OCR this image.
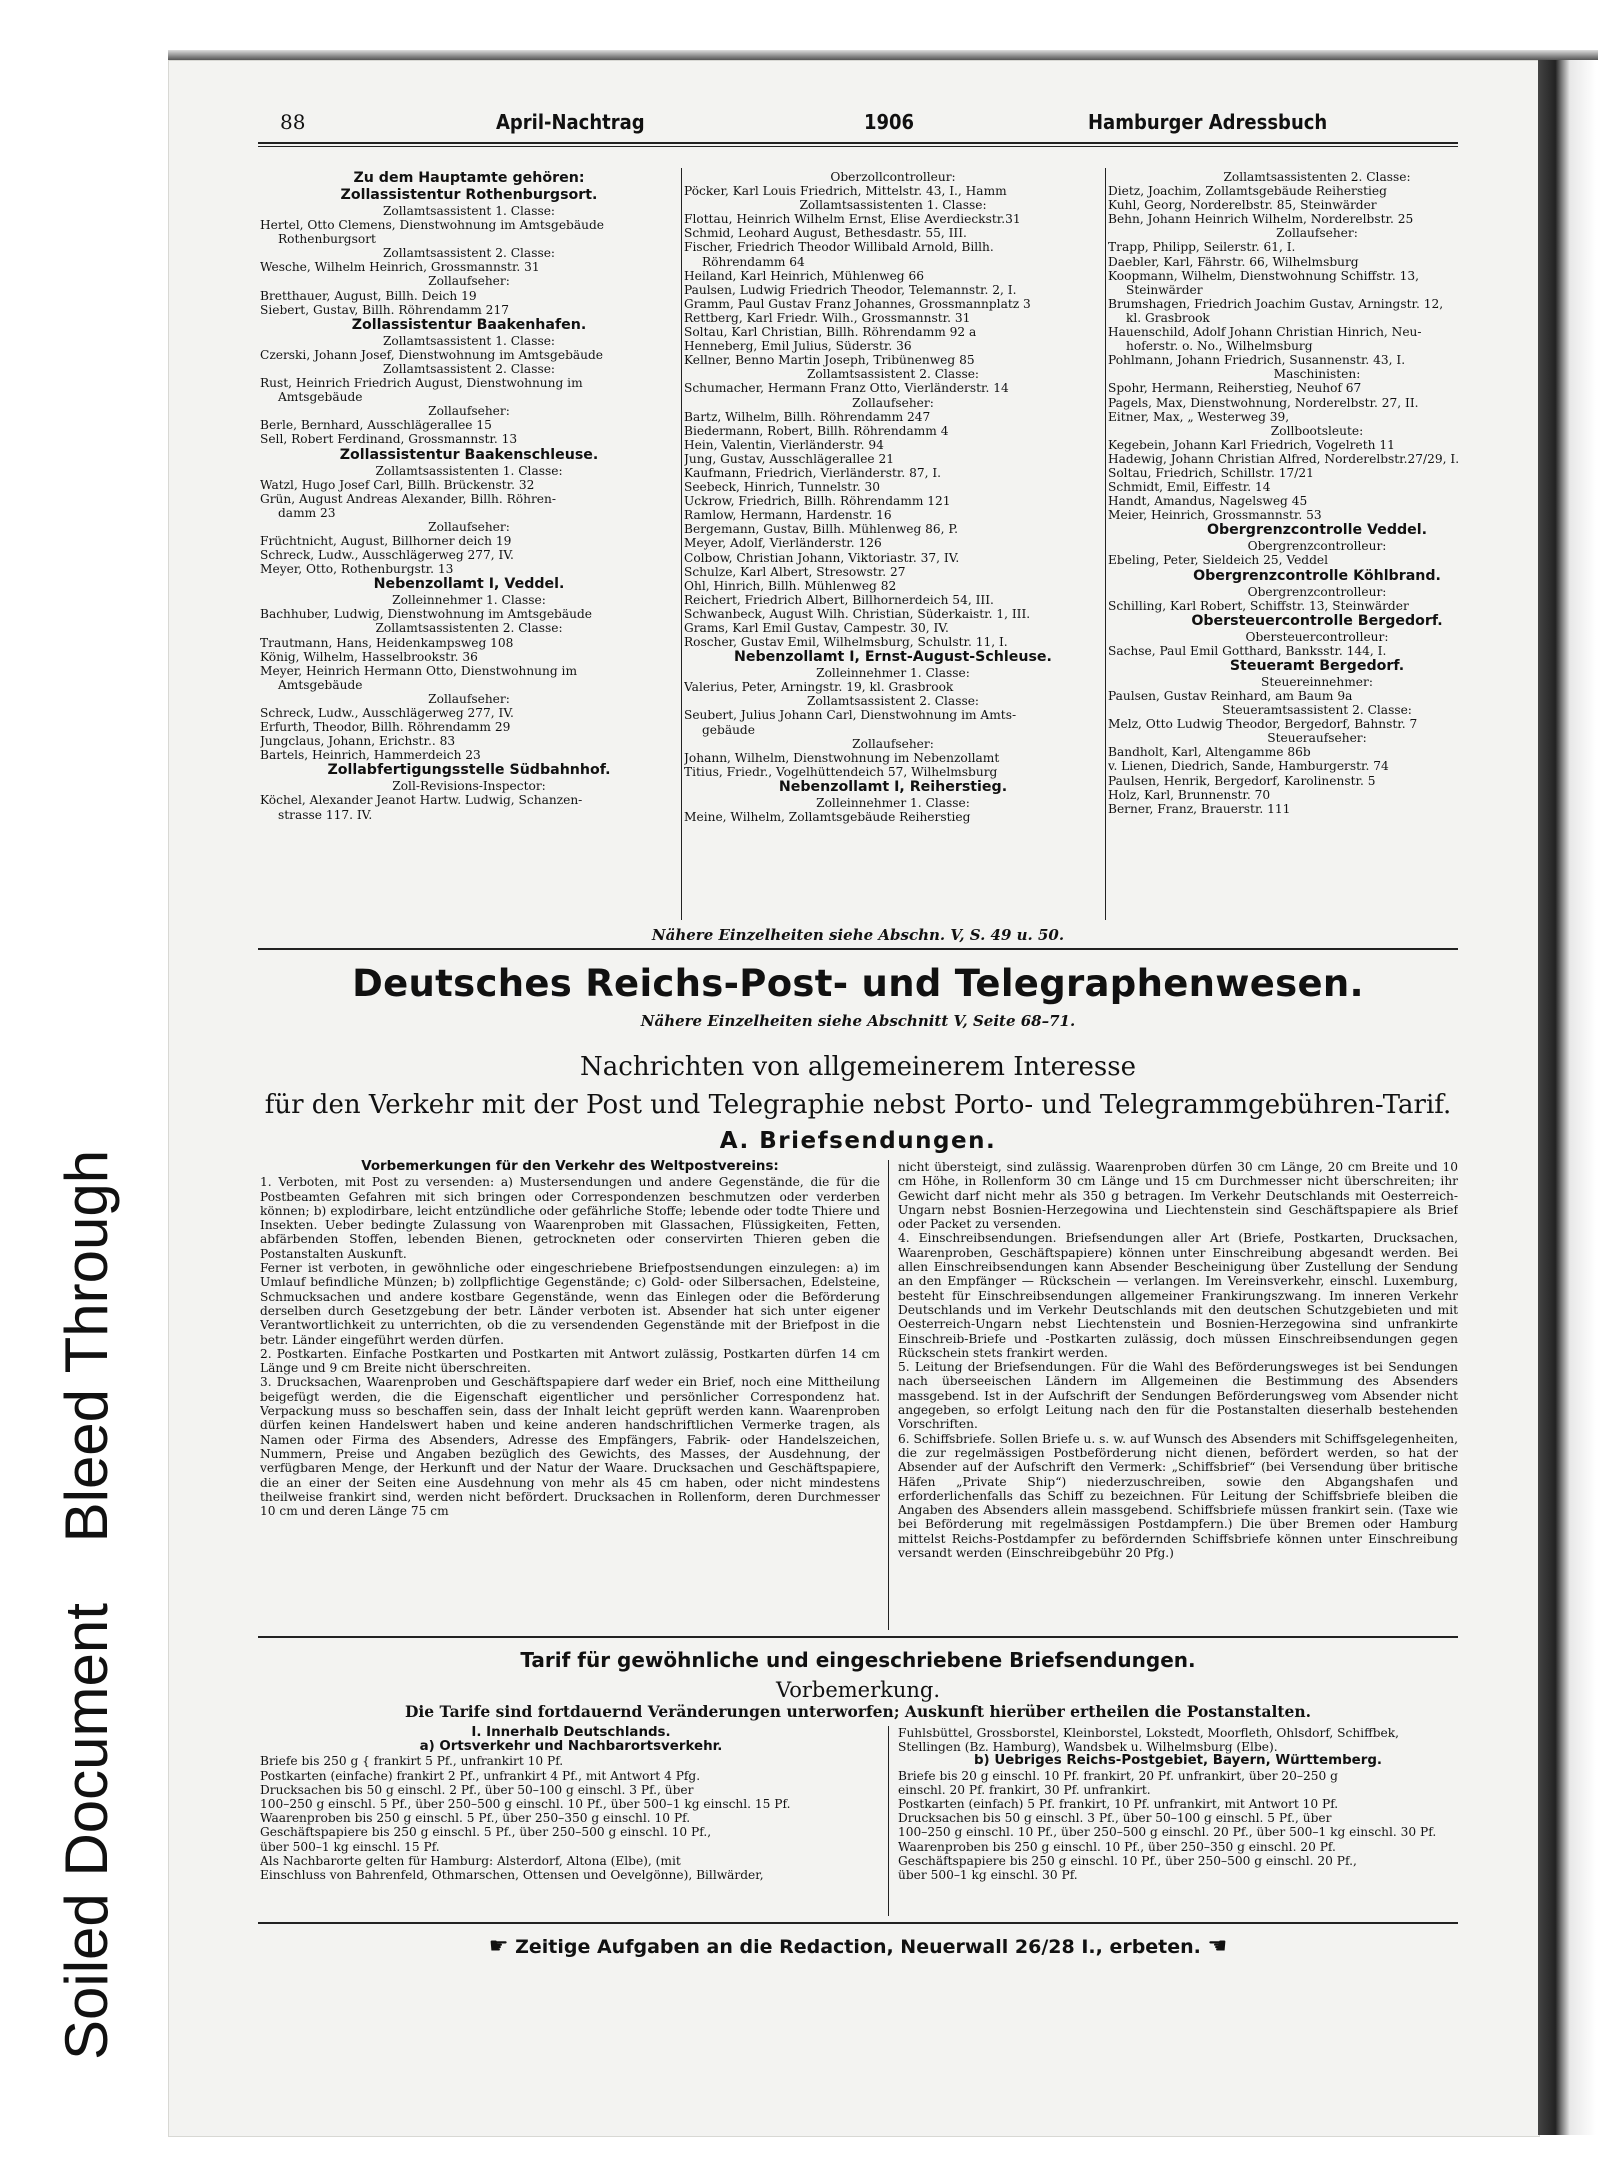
Soiled Document Bleed Through
88	April-Nachtrag	1906	Hamburger Adressbuch
Zu dem Hauptamte gehören:
Zollassistentur Rothenburgsort.
Zollamtsassistent 1. Classe:
Hertel, Otto Clemens, Dienstwohnung im Amtsgebäude
Rothenburgsort
Zollamtsassistent 2. Classe:
Wesche, Wilhelm Heinrich, Grossmannstr. 31
Zollaufseher:
Bretthauer, August, Billh. Deich 19
Siebert, Gustav, Billh. Röhrendamm 217
Zollassistentur Baakenhafen.
Zollamtsassistent 1. Classe:
Czerski, Johann Josef, Dienstwohnung im Amtsgebäude
Zollamtsassistent 2. Classe:
Rust, Heinrich Friedrich August, Dienstwohnung im
Amtsgebäude
Zollaufseher:
Berle, Bernhard, Ausschlägerallee 15
Sell, Robert Ferdinand, Grossmannstr. 13
Zollassistentur Baakenschleuse.
Zollamtsassistenten 1. Classe:
Watzl, Hugo Josef Carl, Billh. Brückenstr. 32
Grün, August Andreas Alexander, Billh. Röhren-
damm 23
Zollaufseher:
Früchtnicht, August, Billhorner deich 19
Schreck, Ludw., Ausschlägerweg 277, IV.
Meyer, Otto, Rothenburgstr. 13
Nebenzollamt I, Veddel.
Zolleinnehmer 1. Classe:
Bachhuber, Ludwig, Dienstwohnung im Amtsgebäude
Zollamtsassistenten 2. Classe:
Trautmann, Hans, Heidenkampsweg 108
König, Wilhelm, Hasselbrookstr. 36
Meyer, Heinrich Hermann Otto, Dienstwohnung im
Amtsgebäude
Zollaufseher:
Schreck, Ludw., Ausschlägerweg 277, IV.
Erfurth, Theodor, Billh. Röhrendamm 29
Jungclaus, Johann, Erichstr.. 83
Bartels, Heinrich, Hammerdeich 23
Zollabfertigungsstelle Südbahnhof.
Zoll-Revisions-Inspector:
Köchel, Alexander Jeanot Hartw. Ludwig, Schanzen-
strasse 117. IV.
Oberzollcontrolleur:
Pöcker, Karl Louis Friedrich, Mittelstr. 43, I., Hamm
Zollamtsassistenten 1. Classe:
Flottau, Heinrich Wilhelm Ernst, Elise Averdieckstr.31
Schmid, Leohard August, Bethesdastr. 55, III.
Fischer, Friedrich Theodor Willibald Arnold, Billh.
Röhrendamm 64
Heiland, Karl Heinrich, Mühlenweg 66
Paulsen, Ludwig Friedrich Theodor, Telemannstr. 2, I.
Gramm, Paul Gustav Franz Johannes, Grossmannplatz 3
Rettberg, Karl Friedr. Wilh., Grossmannstr. 31
Soltau, Karl Christian, Billh. Röhrendamm 92 a
Henneberg, Emil Julius, Süderstr. 36
Kellner, Benno Martin Joseph, Tribünenweg 85
Zollamtsassistent 2. Classe:
Schumacher, Hermann Franz Otto, Vierländerstr. 14
Zollaufseher:
Bartz, Wilhelm, Billh. Röhrendamm 247
Biedermann, Robert, Billh. Röhrendamm 4
Hein, Valentin, Vierländerstr. 94
Jung, Gustav, Ausschlägerallee 21
Kaufmann, Friedrich, Vierländerstr. 87, I.
Seebeck, Hinrich, Tunnelstr. 30
Uckrow, Friedrich, Billh. Röhrendamm 121
Ramlow, Hermann, Hardenstr. 16
Bergemann, Gustav, Billh. Mühlenweg 86, P.
Meyer, Adolf, Vierländerstr. 126
Colbow, Christian Johann, Viktoriastr. 37, IV.
Schulze, Karl Albert, Stresowstr. 27
Ohl, Hinrich, Billh. Mühlenweg 82
Reichert, Friedrich Albert, Billhornerdeich 54, III.
Schwanbeck, August Wilh. Christian, Süderkaistr. 1, III.
Grams, Karl Emil Gustav, Campestr. 30, IV.
Roscher, Gustav Emil, Wilhelmsburg, Schulstr. 11, I.
Nebenzollamt I, Ernst-August-Schleuse.
Zolleinnehmer 1. Classe:
Valerius, Peter, Arningstr. 19, kl. Grasbrook
Zollamtsassistent 2. Classe:
Seubert, Julius Johann Carl, Dienstwohnung im Amts-
gebäude
Zollaufseher:
Johann, Wilhelm, Dienstwohnung im Nebenzollamt
Titius, Friedr., Vogelhüttendeich 57, Wilhelmsburg
Nebenzollamt I, Reiherstieg.
Zolleinnehmer 1. Classe:
Meine, Wilhelm, Zollamtsgebäude Reiherstieg
Zollamtsassistenten 2. Classe:
Dietz, Joachim, Zollamtsgebäude Reiherstieg
Kuhl, Georg, Norderelbstr. 85, Steinwärder
Behn, Johann Heinrich Wilhelm, Norderelbstr. 25
Zollaufseher:
Trapp, Philipp, Seilerstr. 61, I.
Daebler, Karl, Fährstr. 66, Wilhelmsburg
Koopmann, Wilhelm, Dienstwohnung Schiffstr. 13,
Steinwärder
Brumshagen, Friedrich Joachim Gustav, Arningstr. 12,
kl. Grasbrook
Hauenschild, Adolf Johann Christian Hinrich, Neu-
hoferstr. o. No., Wilhelmsburg
Pohlmann, Johann Friedrich, Susannenstr. 43, I.
Maschinisten:
Spohr, Hermann, Reiherstieg, Neuhof 67
Pagels, Max, Dienstwohnung, Norderelbstr. 27, II.
Eitner, Max, „ Westerweg 39,
Zollbootsleute:
Kegebein, Johann Karl Friedrich, Vogelreth 11
Hadewig, Johann Christian Alfred, Norderelbstr.27/29, I.
Soltau, Friedrich, Schillstr. 17/21
Schmidt, Emil, Eiffestr. 14
Handt, Amandus, Nagelsweg 45
Meier, Heinrich, Grossmannstr. 53
Obergrenzcontrolle Veddel.
Obergrenzcontrolleur:
Ebeling, Peter, Sieldeich 25, Veddel
Obergrenzcontrolle Köhlbrand.
Obergrenzcontrolleur:
Schilling, Karl Robert, Schiffstr. 13, Steinwärder
Obersteuercontrolle Bergedorf.
Obersteuercontrolleur:
Sachse, Paul Emil Gotthard, Banksstr. 144, I.
Steueramt Bergedorf.
Steuereinnehmer:
Paulsen, Gustav Reinhard, am Baum 9a
Steueramtsassistent 2. Classe:
Melz, Otto Ludwig Theodor, Bergedorf, Bahnstr. 7
Steueraufseher:
Bandholt, Karl, Altengamme 86b
v. Lienen, Diedrich, Sande, Hamburgerstr. 74
Paulsen, Henrik, Bergedorf, Karolinenstr. 5
Holz, Karl, Brunnenstr. 70
Berner, Franz, Brauerstr. 111
Nähere Einzelheiten siehe Abschn. V, S. 49 u. 50.
Deutsches Reichs-Post- und Telegraphenwesen.
Nähere Einzelheiten siehe Abschnitt V, Seite 68–71.
Nachrichten von allgemeinerem Interesse
für den Verkehr mit der Post und Telegraphie nebst Porto- und Telegrammgebühren-Tarif.
A. Briefsendungen.

Vorbemerkungen für den Verkehr des Weltpostvereins:

1. Verboten, mit Post zu versenden: a) Mustersendungen und andere Gegenstände, die für die Postbeamten Gefahren mit sich bringen oder Correspondenzen beschmutzen oder verderben können; b) explodirbare, leicht entzündliche oder gefährliche Stoffe; lebende oder todte Thiere und Insekten. Ueber bedingte Zulassung von Waarenproben mit Glassachen, Flüssigkeiten, Fetten, abfärbenden Stoffen, lebenden Bienen, getrockneten oder conservirten Thieren geben die Postanstalten Auskunft.

Ferner ist verboten, in gewöhnliche oder eingeschriebene Briefpostsendungen einzulegen: a) im Umlauf befindliche Münzen; b) zollpflichtige Gegenstände; c) Gold- oder Silbersachen, Edelsteine, Schmucksachen und andere kostbare Gegenstände, wenn das Einlegen oder die Beförderung derselben durch Gesetzgebung der betr. Länder verboten ist. Absender hat sich unter eigener Verantwortlichkeit zu unterrichten, ob die zu versendenden Gegenstände mit der Briefpost in die betr. Länder eingeführt werden dürfen.

2. Postkarten. Einfache Postkarten und Postkarten mit Antwort zulässig, Postkarten dürfen 14 cm Länge und 9 cm Breite nicht überschreiten.

3. Drucksachen, Waarenproben und Geschäftspapiere darf weder ein Brief, noch eine Mittheilung beigefügt werden, die die Eigenschaft eigentlicher und persönlicher Correspondenz hat. Verpackung muss so beschaffen sein, dass der Inhalt leicht geprüft werden kann. Waarenproben dürfen keinen Handelswert haben und keine anderen handschriftlichen Vermerke tragen, als Namen oder Firma des Absenders, Adresse des Empfängers, Fabrik- oder Handelszeichen, Nummern, Preise und Angaben bezüglich des Gewichts, des Masses, der Ausdehnung, der verfügbaren Menge, der Herkunft und der Natur der Waare. Drucksachen und Geschäftspapiere, die an einer der Seiten eine Ausdehnung von mehr als 45 cm haben, oder nicht mindestens theilweise frankirt sind, werden nicht befördert. Drucksachen in Rollenform, deren Durchmesser 10 cm und deren Länge 75 cm

nicht übersteigt, sind zulässig. Waarenproben dürfen 30 cm Länge, 20 cm Breite und 10 cm Höhe, in Rollenform 30 cm Länge und 15 cm Durchmesser nicht überschreiten; ihr Gewicht darf nicht mehr als 350 g betragen. Im Verkehr Deutschlands mit Oesterreich-Ungarn nebst Bosnien-Herzegowina und Liechtenstein sind Geschäftspapiere als Brief oder Packet zu versenden.

4. Einschreibsendungen. Briefsendungen aller Art (Briefe, Postkarten, Drucksachen, Waarenproben, Geschäftspapiere) können unter Einschreibung abgesandt werden. Bei allen Einschreibsendungen kann Absender Bescheinigung über Zustellung der Sendung an den Empfänger — Rückschein — verlangen. Im Vereinsverkehr, einschl. Luxemburg, besteht für Einschreibsendungen allgemeiner Frankirungszwang. Im inneren Verkehr Deutschlands und im Verkehr Deutschlands mit den deutschen Schutzgebieten und mit Oesterreich-Ungarn nebst Liechtenstein und Bosnien-Herzegowina sind unfrankirte Einschreib-Briefe und -Postkarten zulässig, doch müssen Einschreibsendungen gegen Rückschein stets frankirt werden.

5. Leitung der Briefsendungen. Für die Wahl des Beförderungsweges ist bei Sendungen nach überseeischen Ländern im Allgemeinen die Bestimmung des Absenders massgebend. Ist in der Aufschrift der Sendungen Beförderungsweg vom Absender nicht angegeben, so erfolgt Leitung nach den für die Postanstalten dieserhalb bestehenden Vorschriften.

6. Schiffsbriefe. Sollen Briefe u. s. w. auf Wunsch des Absenders mit Schiffsgelegenheiten, die zur regelmässigen Postbeförderung nicht dienen, befördert werden, so hat der Absender auf der Aufschrift den Vermerk: „Schiffsbrief“ (bei Versendung über britische Häfen „Private Ship“) niederzuschreiben, sowie den Abgangshafen und erforderlichenfalls das Schiff zu bezeichnen. Für Leitung der Schiffsbriefe bleiben die Angaben des Absenders allein massgebend. Schiffsbriefe müssen frankirt sein. (Taxe wie bei Beförderung mit regelmässigen Postdampfern.) Die über Bremen oder Hamburg mittelst Reichs-Postdampfer zu befördernden Schiffsbriefe können unter Einschreibung versandt werden (Einschreibgebühr 20 Pfg.)

Tarif für gewöhnliche und eingeschriebene Briefsendungen.
Vorbemerkung.
Die Tarife sind fortdauernd Veränderungen unterworfen; Auskunft hierüber ertheilen die Postanstalten.
I. Innerhalb Deutschlands.
a) Ortsverkehr und Nachbarortsverkehr.
Briefe bis 250 g { frankirt 5 Pf., unfrankirt 10 Pf.
Postkarten (einfache) frankirt 2 Pf., unfrankirt 4 Pf., mit Antwort 4 Pfg.
Drucksachen bis 50 g einschl. 2 Pf., über 50–100 g einschl. 3 Pf., über
100–250 g einschl. 5 Pf., über 250–500 g einschl. 10 Pf., über 500–1 kg einschl. 15 Pf.
Waarenproben bis 250 g einschl. 5 Pf., über 250–350 g einschl. 10 Pf.
Geschäftspapiere bis 250 g einschl. 5 Pf., über 250–500 g einschl. 10 Pf.,
über 500–1 kg einschl. 15 Pf.
Als Nachbarorte gelten für Hamburg: Alsterdorf, Altona (Elbe), (mit
Einschluss von Bahrenfeld, Othmarschen, Ottensen und Oevelgönne), Billwärder,
Fuhlsbüttel, Grossborstel, Kleinborstel, Lokstedt, Moorfleth, Ohlsdorf, Schiffbek,
Stellingen (Bz. Hamburg), Wandsbek u. Wilhelmsburg (Elbe).
b) Uebriges Reichs-Postgebiet, Bayern, Württemberg.
Briefe bis 20 g einschl. 10 Pf. frankirt, 20 Pf. unfrankirt, über 20–250 g
einschl. 20 Pf. frankirt, 30 Pf. unfrankirt.
Postkarten (einfach) 5 Pf. frankirt, 10 Pf. unfrankirt, mit Antwort 10 Pf.
Drucksachen bis 50 g einschl. 3 Pf., über 50–100 g einschl. 5 Pf., über
100–250 g einschl. 10 Pf., über 250–500 g einschl. 20 Pf., über 500–1 kg einschl. 30 Pf.
Waarenproben bis 250 g einschl. 10 Pf., über 250–350 g einschl. 20 Pf.
Geschäftspapiere bis 250 g einschl. 10 Pf., über 250–500 g einschl. 20 Pf.,
über 500–1 kg einschl. 30 Pf.
☛ Zeitige Aufgaben an die Redaction, Neuerwall 26/28 I., erbeten. ☚
